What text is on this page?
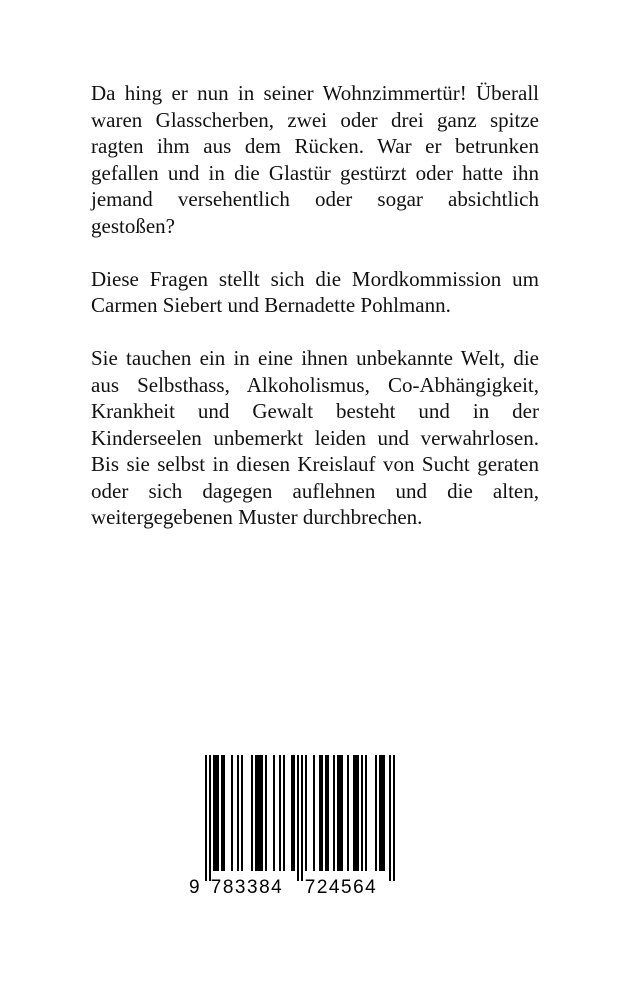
Da hing er nun in seiner Wohnzimmertür! Überall waren Glasscherben, zwei oder drei ganz spitze ragten ihm aus dem Rücken. War er betrunken gefallen und in die Glastür gestürzt oder hatte ihn jemand versehentlich oder sogar absichtlich gestoßen?

Diese Fragen stellt sich die Mordkommission um Carmen Siebert und Bernadette Pohlmann.

Sie tauchen ein in eine ihnen unbekannte Welt, die aus Selbsthass, Alkoholismus, Co-Abhängigkeit, Krankheit und Gewalt besteht und in der Kinderseelen unbemerkt leiden und verwahrlosen. Bis sie selbst in diesen Kreislauf von Sucht geraten oder sich dagegen auflehnen und die alten, weitergegebenen Muster durchbrechen.

9 783384 724564
